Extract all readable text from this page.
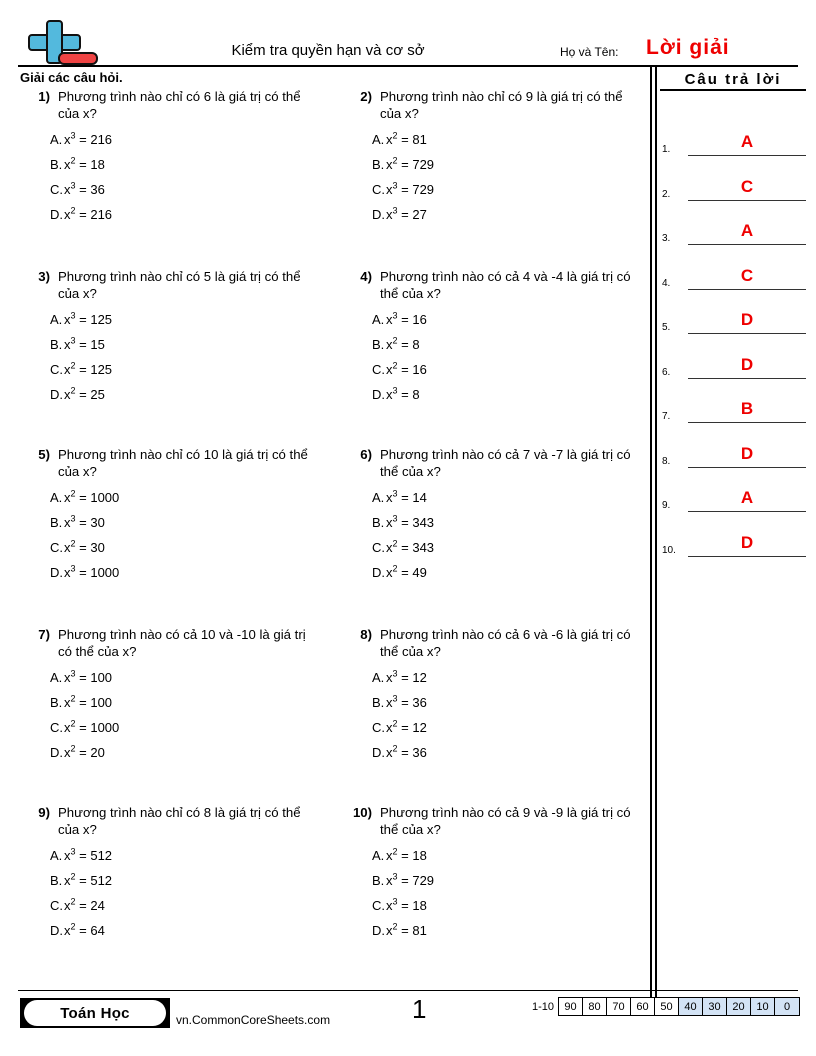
Kiểm tra quyền hạn và cơ sở	Họ và Tên: Lời giải
Giải các câu hỏi.
1) Phương trình nào chỉ có 6 là giá trị có thể của x?
A. $x^3 = 216$
B. $x^2 = 18$
C. $x^3 = 36$
D. $x^2 = 216$
2) Phương trình nào chỉ có 9 là giá trị có thể của x?
A. $x^2 = 81$
B. $x^2 = 729$
C. $x^3 = 729$
D. $x^3 = 27$
3) Phương trình nào chỉ có 5 là giá trị có thể của x?
A. $x^3 = 125$
B. $x^3 = 15$
C. $x^2 = 125$
D. $x^2 = 25$
4) Phương trình nào có cả 4 và -4 là giá trị có thể của x?
A. $x^3 = 16$
B. $x^2 = 8$
C. $x^2 = 16$
D. $x^3 = 8$
5) Phương trình nào chỉ có 10 là giá trị có thể của x?
A. $x^2 = 1000$
B. $x^3 = 30$
C. $x^2 = 30$
D. $x^3 = 1000$
6) Phương trình nào có cả 7 và -7 là giá trị có thể của x?
A. $x^3 = 14$
B. $x^3 = 343$
C. $x^2 = 343$
D. $x^2 = 49$
7) Phương trình nào có cả 10 và -10 là giá trị có thể của x?
A. $x^3 = 100$
B. $x^2 = 100$
C. $x^2 = 1000$
D. $x^2 = 20$
8) Phương trình nào có cả 6 và -6 là giá trị có thể của x?
A. $x^3 = 12$
B. $x^3 = 36$
C. $x^2 = 12$
D. $x^2 = 36$
9) Phương trình nào chỉ có 8 là giá trị có thể của x?
A. $x^3 = 512$
B. $x^2 = 512$
C. $x^2 = 24$
D. $x^2 = 64$
10) Phương trình nào có cả 9 và -9 là giá trị có thể của x?
A. $x^2 = 18$
B. $x^3 = 729$
C. $x^3 = 18$
D. $x^2 = 81$
Câu trả lời
1.	A
2.	C
3.	A
4.	C
5.	D
6.	D
7.	B
8.	D
9.	A
10.	D
Toán Học	vn.CommonCoreSheets.com	1	1-10 90	80	70	60	50	40	30	20	10	0
